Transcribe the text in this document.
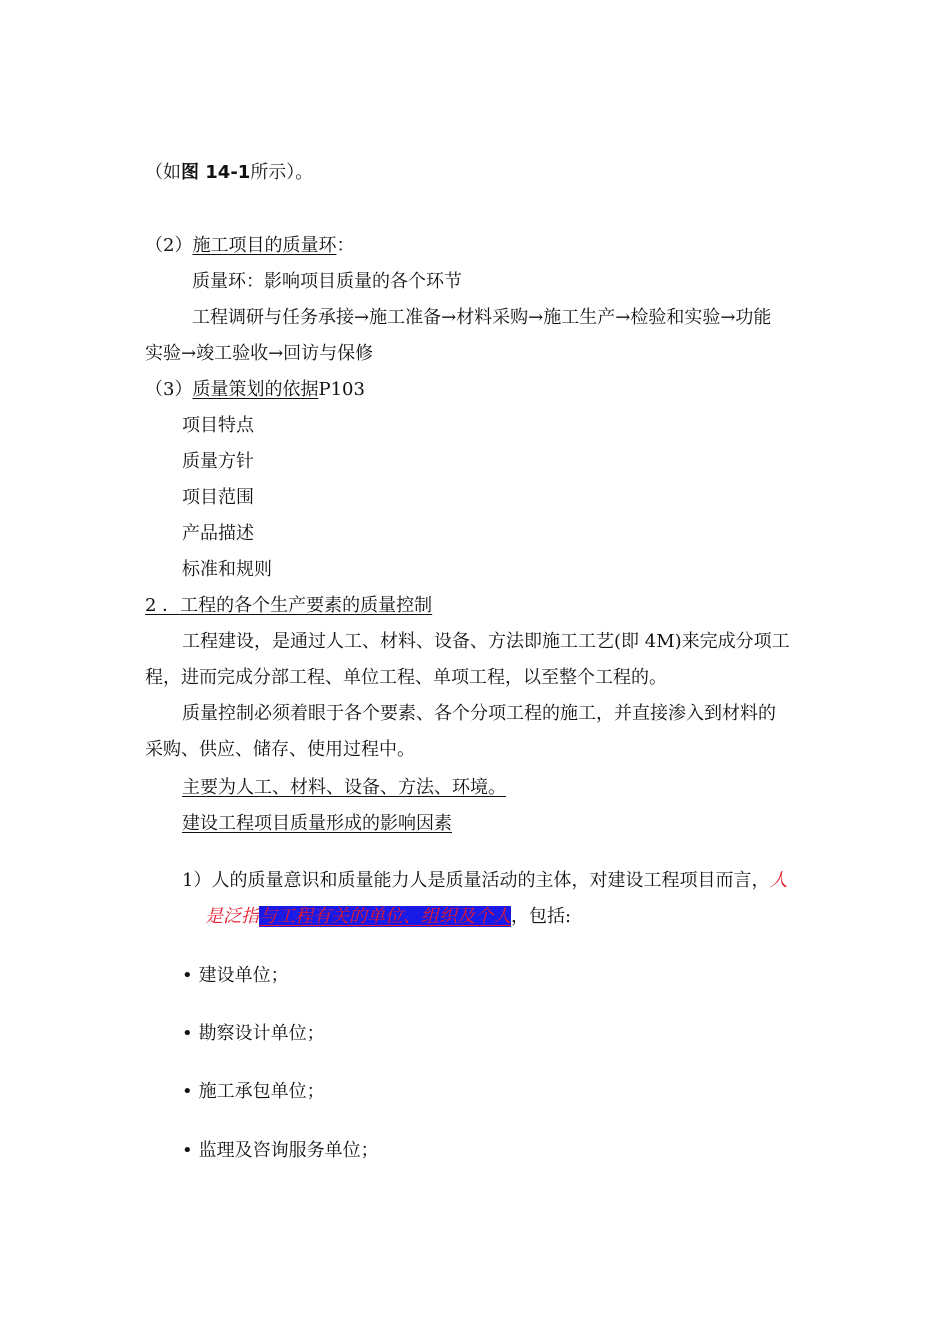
（如图 14-1所示）。
（2）施工项目的质量环：
质量环：影响项目质量的各个环节
工程调研与任务承接→施工准备→材料采购→施工生产→检验和实验→功能
实验→竣工验收→回访与保修
（3）质量策划的依据P103
项目特点
质量方针
项目范围
产品描述
标准和规则
2 ．工程的各个生产要素的质量控制
工程建设，是通过人工、材料、设备、方法即施工工艺(即 4M)来完成分项工
程，进而完成分部工程、单位工程、单项工程，以至整个工程的。
质量控制必须着眼于各个要素、各个分项工程的施工，并直接渗入到材料的
采购、供应、储存、使用过程中。
主要为人工、材料、设备、方法、环境。
建设工程项目质量形成的影响因素
1）人的质量意识和质量能力人是质量活动的主体，对建设工程项目而言，人
是泛指与工程有关的单位、组织及个人，包括:
• 建设单位；
• 勘察设计单位；
• 施工承包单位；
• 监理及咨询服务单位；
